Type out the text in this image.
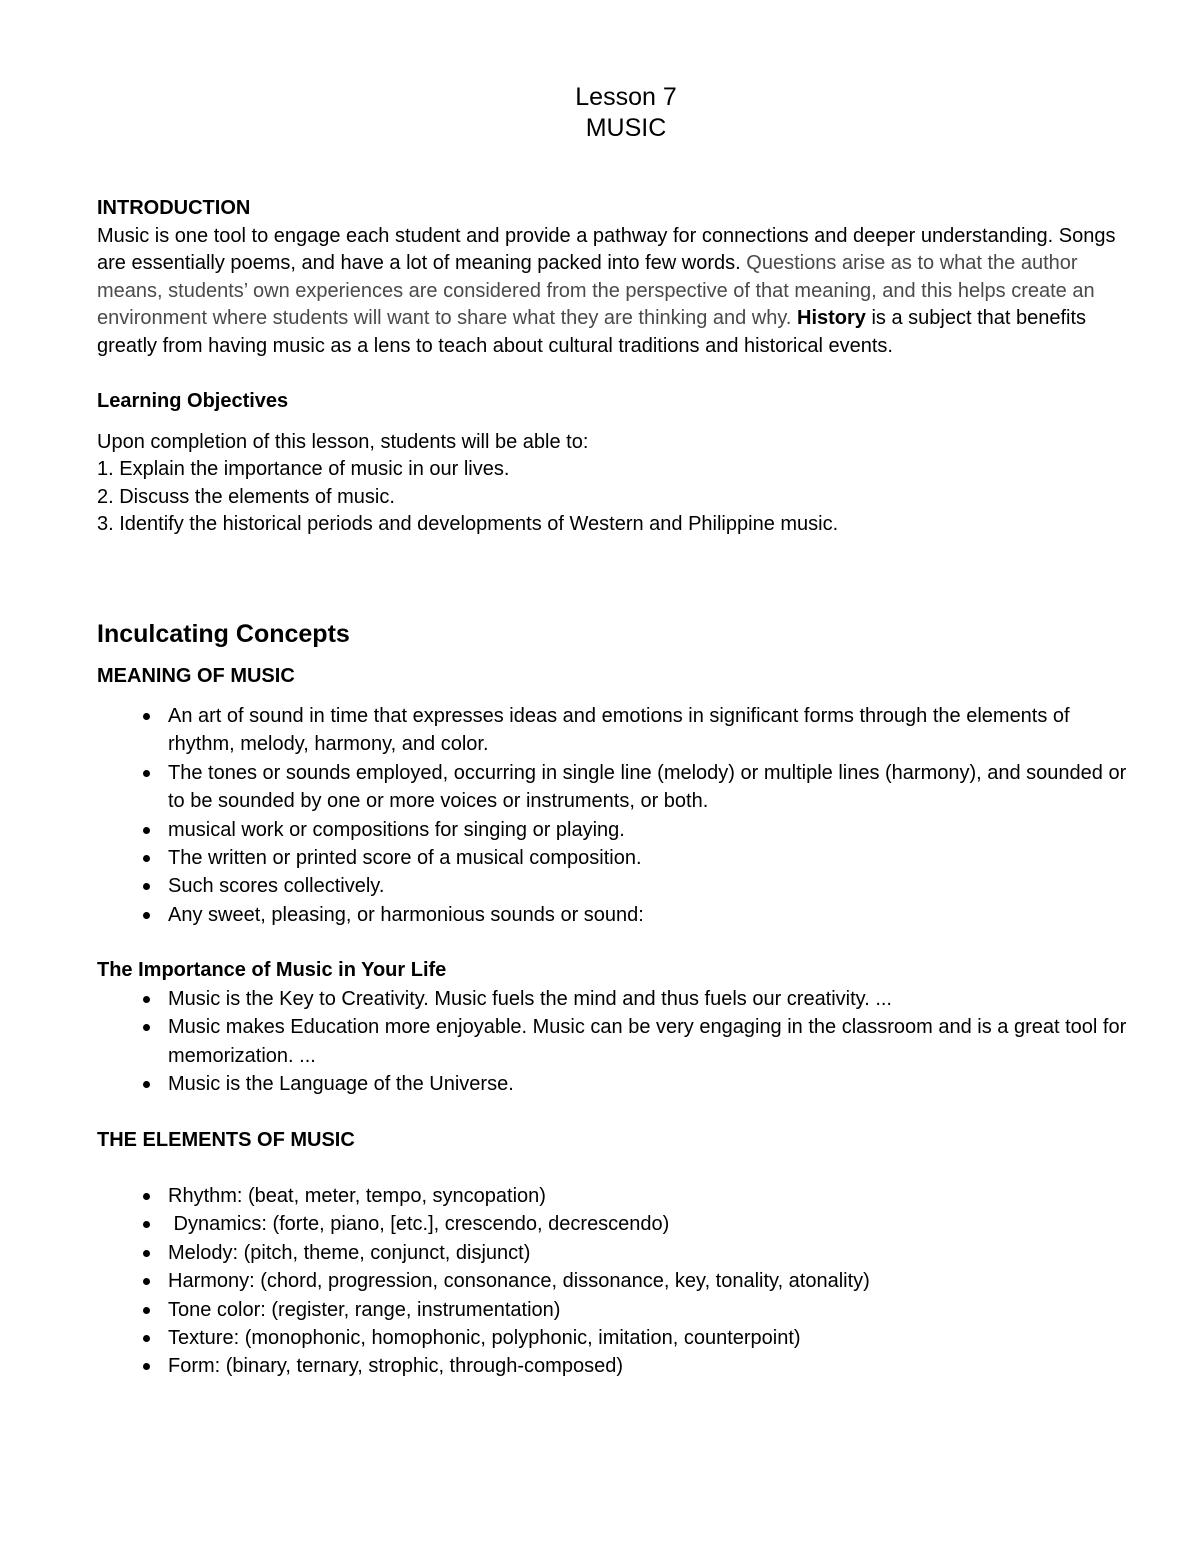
Lesson 7
MUSIC
INTRODUCTION

Music is one tool to engage each student and provide a pathway for connections and deeper understanding. Songs are essentially poems, and have a lot of meaning packed into few words. Questions arise as to what the author means, students’ own experiences are considered from the perspective of that meaning, and this helps create an environment where students will want to share what they are thinking and why. History is a subject that benefits greatly from having music as a lens to teach about cultural traditions and historical events.

Learning Objectives
Upon completion of this lesson, students will be able to:
1. Explain the importance of music in our lives.
2. Discuss the elements of music.
3. Identify the historical periods and developments of Western and Philippine music.
Inculcating Concepts
MEANING OF MUSIC
An art of sound in time that expresses ideas and emotions in significant forms through the elements of rhythm, melody, harmony, and color.
The tones or sounds employed, occurring in single line (melody) or multiple lines (harmony), and sounded or to be sounded by one or more voices or instruments, or both.
musical work or compositions for singing or playing.
The written or printed score of a musical composition.
Such scores collectively.
Any sweet, pleasing, or harmonious sounds or sound:
The Importance of Music in Your Life
Music is the Key to Creativity. Music fuels the mind and thus fuels our creativity. ...
Music makes Education more enjoyable. Music can be very engaging in the classroom and is a great tool for memorization. ...
Music is the Language of the Universe.
THE ELEMENTS OF MUSIC
Rhythm: (beat, meter, tempo, syncopation)
Dynamics: (forte, piano, [etc.], crescendo, decrescendo)
Melody: (pitch, theme, conjunct, disjunct)
Harmony: (chord, progression, consonance, dissonance, key, tonality, atonality)
Tone color: (register, range, instrumentation)
Texture: (monophonic, homophonic, polyphonic, imitation, counterpoint)
Form: (binary, ternary, strophic, through-composed)
